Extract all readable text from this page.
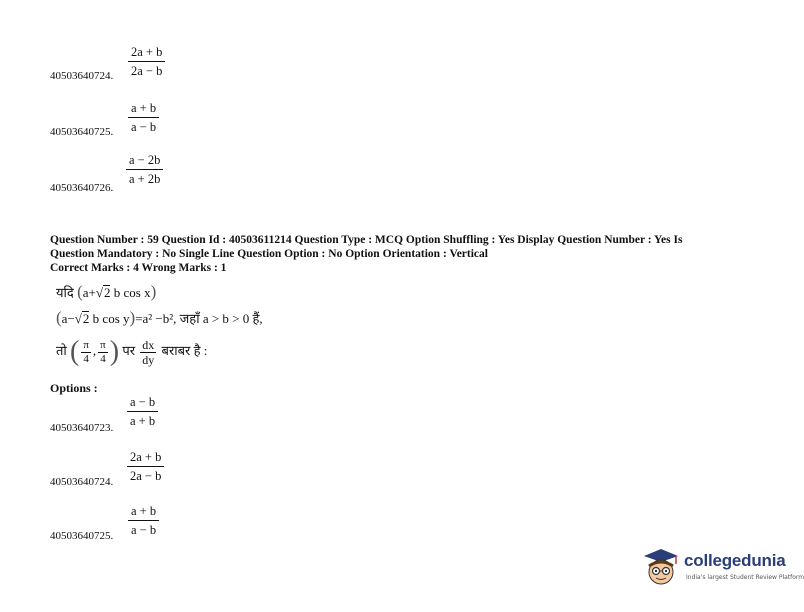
$\frac{2a + b}{2a - b}$
40503640724.
$\frac{a + b}{a - b}$
40503640725.
$\frac{a - 2b}{a + 2b}$
40503640726.
Question Number : 59 Question Id : 40503611214 Question Type : MCQ Option Shuffling : Yes Display Question Number : Yes Is
Question Mandatory : No Single Line Question Option : No Option Orientation : Vertical
Correct Marks : 4 Wrong Marks : 1
यदि (a+√2 b cos x)
(a−√2 b cos y)=a² −b², जहाँ a > b > 0 हैं,
तो ( $\frac{\pi}{4}$ , $\frac{\pi}{4}$ ) पर $\frac{dx}{dy}$ बराबर है :
Options :
$\frac{a - b}{a + b}$
40503640723.
$\frac{2a + b}{2a - b}$
40503640724.
$\frac{a + b}{a - b}$
40503640725.
collegedunia
India's largest Student Review Platform
